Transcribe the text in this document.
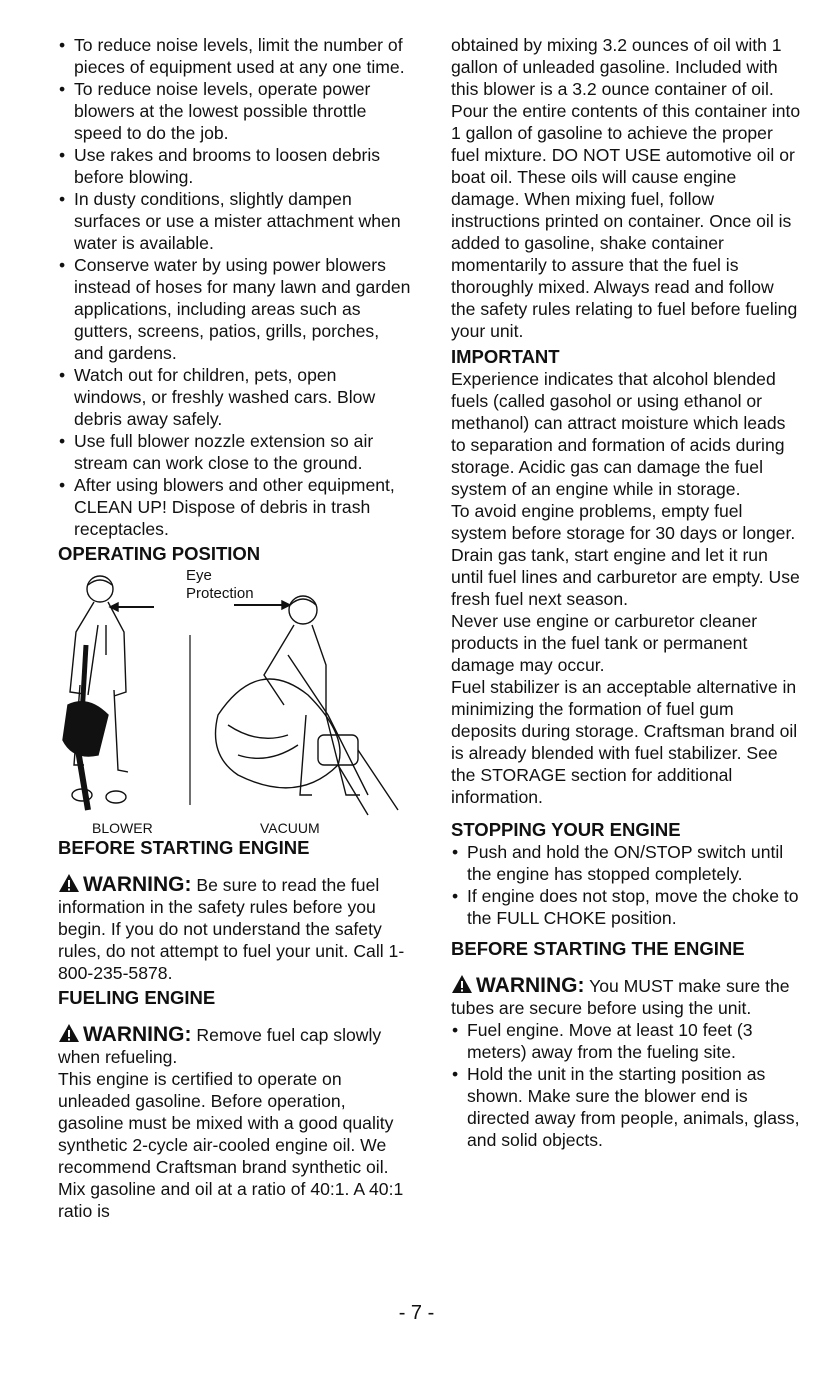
• To reduce noise levels, limit the number of pieces of equipment used at any one time.
• To reduce noise levels, operate power blowers at the lowest possible throttle speed to do the job.
• Use rakes and brooms to loosen debris before blowing.
• In dusty conditions, slightly dampen surfaces or use a mister attachment when water is available.
• Conserve water by using power blowers instead of hoses for many lawn and garden applications, including areas such as gutters, screens, patios, grills, porches, and gardens.
• Watch out for children, pets, open windows, or freshly washed cars. Blow debris away safely.
• Use full blower nozzle extension so air stream can work close to the ground.
• After using blowers and other equipment, CLEAN UP! Dispose of debris in trash receptacles.
OPERATING POSITION
Eye
Protection
BLOWER	VACUUM
BEFORE STARTING ENGINE
WARNING: Be sure to read the fuel information in the safety rules before you begin. If you do not understand the safety rules, do not attempt to fuel your unit. Call 1-800-235-5878.
FUELING ENGINE
WARNING: Remove fuel cap slowly when refueling.

This engine is certified to operate on unleaded gasoline. Before operation, gasoline must be mixed with a good quality synthetic 2-cycle air-cooled engine oil. We recommend Craftsman brand synthetic oil. Mix gasoline and oil at a ratio of 40:1. A 40:1 ratio is

obtained by mixing 3.2 ounces of oil with 1 gallon of unleaded gasoline. Included with this blower is a 3.2 ounce container of oil. Pour the entire contents of this container into 1 gallon of gasoline to achieve the proper fuel mixture. DO NOT USE automotive oil or boat oil. These oils will cause engine damage. When mixing fuel, follow instructions printed on container. Once oil is added to gasoline, shake container momentarily to assure that the fuel is thoroughly mixed. Always read and follow the safety rules relating to fuel before fueling your unit.

IMPORTANT

Experience indicates that alcohol blended fuels (called gasohol or using ethanol or methanol) can attract moisture which leads to separation and formation of acids during storage. Acidic gas can damage the fuel system of an engine while in storage.

To avoid engine problems, empty fuel system before storage for 30 days or longer. Drain gas tank, start engine and let it run until fuel lines and carburetor are empty. Use fresh fuel next season.

Never use engine or carburetor cleaner products in the fuel tank or permanent damage may occur.

Fuel stabilizer is an acceptable alternative in minimizing the formation of fuel gum deposits during storage. Craftsman brand oil is already blended with fuel stabilizer. See the STORAGE section for additional information.

STOPPING YOUR ENGINE
• Push and hold the ON/STOP switch until the engine has stopped completely.
• If engine does not stop, move the choke to the FULL CHOKE position.
BEFORE STARTING THE ENGINE
WARNING: You MUST make sure the tubes are secure before using the unit.
• Fuel engine. Move at least 10 feet (3 meters) away from the fueling site.
• Hold the unit in the starting position as shown. Make sure the blower end is directed away from people, animals, glass, and solid objects.
- 7 -
